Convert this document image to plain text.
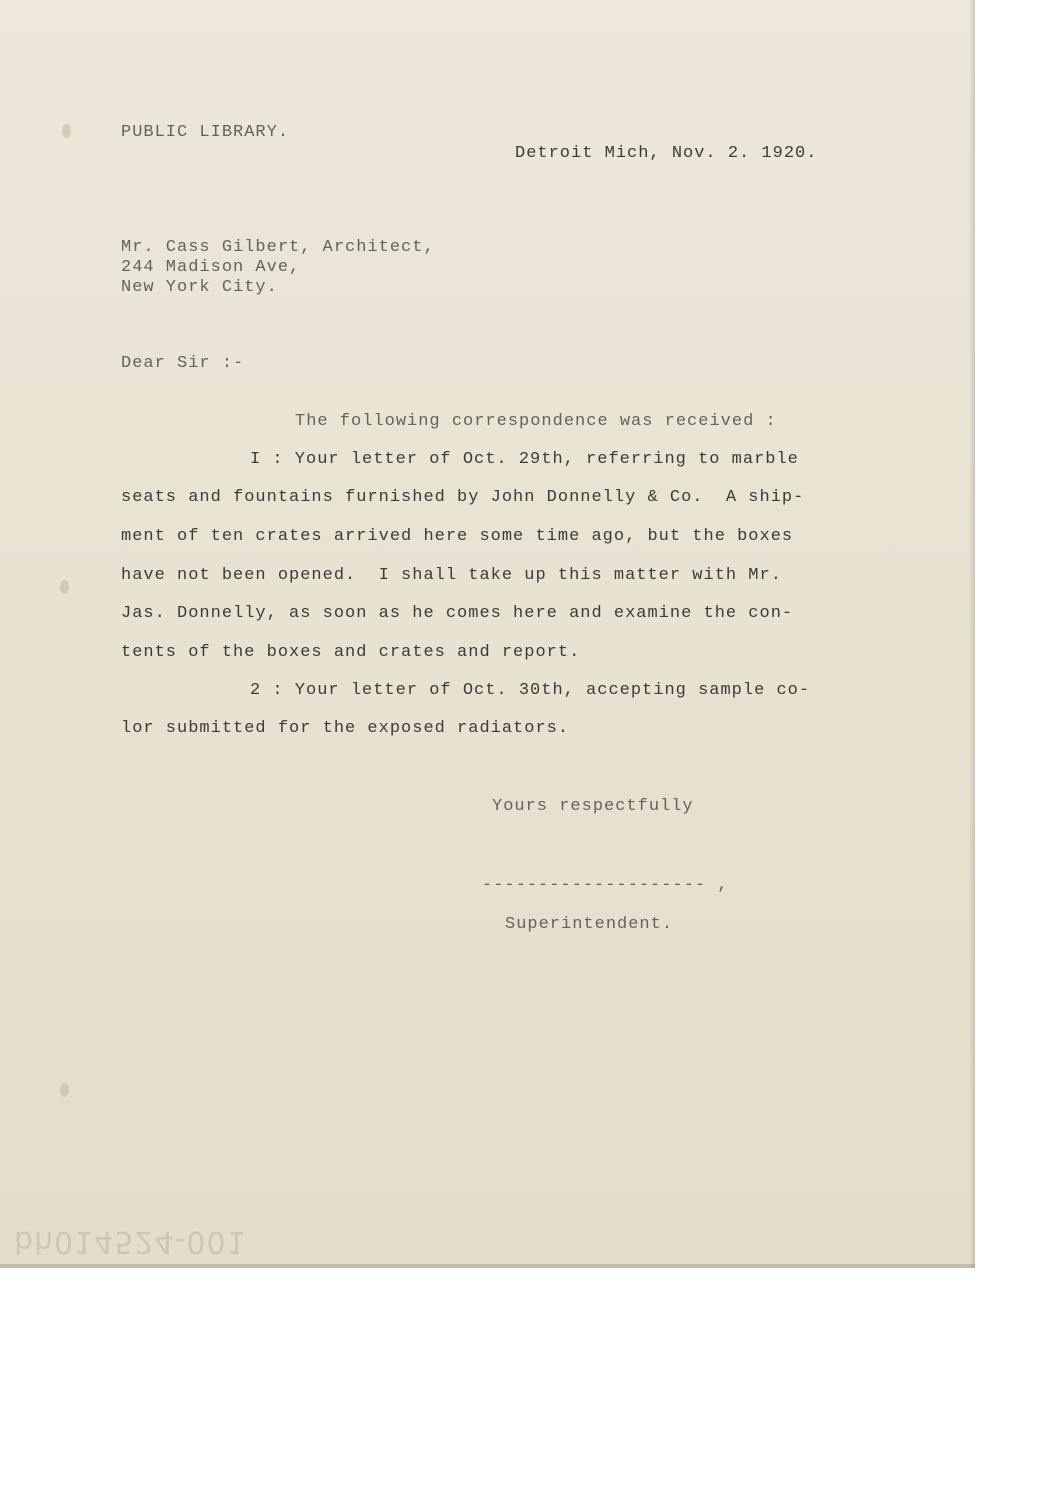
PUBLIC LIBRARY.
Detroit Mich, Nov. 2. 1920.
Mr. Cass Gilbert, Architect,
244 Madison Ave,
New York City.
Dear Sir :-
The following correspondence was received :
I : Your letter of Oct. 29th, referring to marble
seats and fountains furnished by John Donnelly & Co.  A ship-
ment of ten crates arrived here some time ago, but the boxes
have not been opened.  I shall take up this matter with Mr.
Jas. Donnelly, as soon as he comes here and examine the con-
tents of the boxes and crates and report.
2 : Your letter of Oct. 30th, accepting sample co-
lor submitted for the exposed radiators.
Yours respectfully
-------------------- ,
Superintendent.
bh014524-001
